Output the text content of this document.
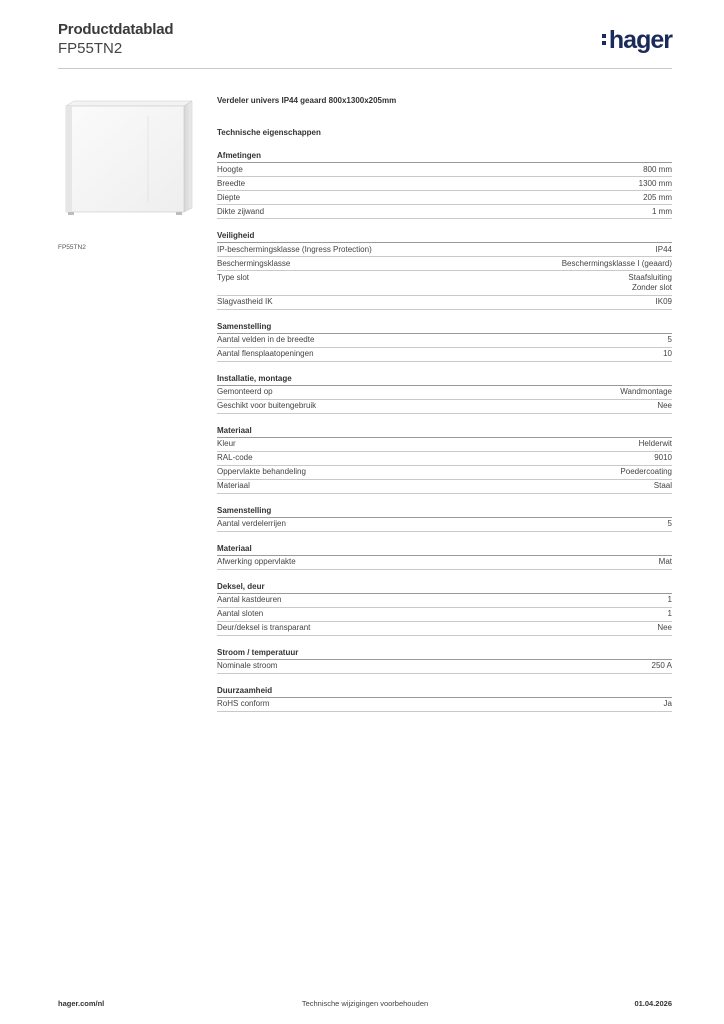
Productdatablad
FP55TN2	hager
FP55TN2
Verdeler univers IP44 geaard 800x1300x205mm
Technische eigenschappen
Afmetingen
Hoogte	800 mm
Breedte	1300 mm
Diepte	205 mm
Dikte zijwand	1 mm
Veiligheid
IP-beschermingsklasse (Ingress Protection)	IP44
Beschermingsklasse	Beschermingsklasse I (geaard)
Type slot	Staafsluiting
Zonder slot
Slagvastheid IK	IK09
Samenstelling
Aantal velden in de breedte	5
Aantal flensplaatopeningen	10
Installatie, montage
Gemonteerd op	Wandmontage
Geschikt voor buitengebruik	Nee
Materiaal
Kleur	Helderwit
RAL-code	9010
Oppervlakte behandeling	Poedercoating
Materiaal	Staal
Samenstelling
Aantal verdelerrijen	5
Materiaal
Afwerking oppervlakte	Mat
Deksel, deur
Aantal kastdeuren	1
Aantal sloten	1
Deur/deksel is transparant	Nee
Stroom / temperatuur
Nominale stroom	250 A
Duurzaamheid
RoHS conform	Ja
hager.com/nl	Technische wijzigingen voorbehouden	01.04.2026
